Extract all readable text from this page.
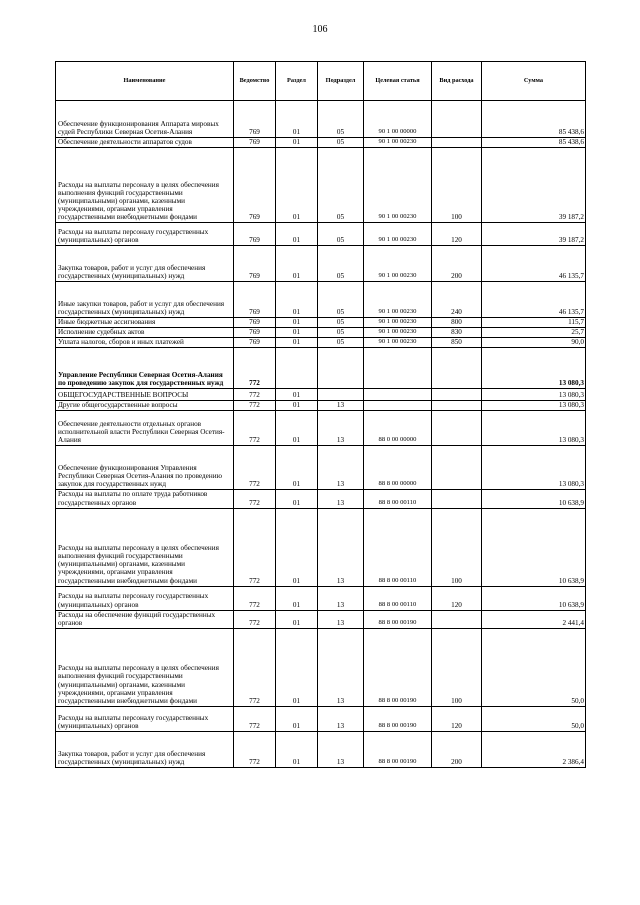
106
Наименование	Ведомство	Раздел	Подраздел	Целевая статья	Вид расхода	Сумма
Обеспечение функционирования Аппарата мировых судей Республики Северная Осетия-Алания	769	01	05	90 1 00 00000		85 438,6
Обеспечение деятельности аппаратов судов	769	01	05	90 1 00 00230		85 438,6
Расходы на выплаты персоналу в целях обеспечения выполнения функций государственными (муниципальными) органами, казенными учреждениями, органами управления государственными внебюджетными фондами	769	01	05	90 1 00 00230	100	39 187,2
Расходы на выплаты персоналу государственных (муниципальных) органов	769	01	05	90 1 00 00230	120	39 187,2
Закупка товаров, работ и услуг для обеспечения государственных (муниципальных) нужд	769	01	05	90 1 00 00230	200	46 135,7
Иные закупки товаров, работ и услуг для обеспечения государственных (муниципальных) нужд	769	01	05	90 1 00 00230	240	46 135,7
Иные бюджетные ассигнования	769	01	05	90 1 00 00230	800	115,7
Исполнение судебных актов	769	01	05	90 1 00 00230	830	25,7
Уплата налогов, сборов и иных платежей	769	01	05	90 1 00 00230	850	90,0
Управление Республики Северная Осетия-Алания по проведению закупок для государственных нужд	772					13 080,3
ОБЩЕГОСУДАРСТВЕННЫЕ ВОПРОСЫ	772	01				13 080,3
Другие общегосударственные вопросы	772	01	13			13 080,3
Обеспечение деятельности отдельных органов исполнительной власти Республики Северная Осетия-Алания	772	01	13	88 0 00 00000		13 080,3
Обеспечение функционирования Управления Республики Северная Осетия-Алания по проведению закупок для государственных нужд	772	01	13	88 8 00 00000		13 080,3
Расходы на выплаты по оплате труда работников государственных органов	772	01	13	88 8 00 00110		10 638,9
Расходы на выплаты персоналу в целях обеспечения выполнения функций государственными (муниципальными) органами, казенными учреждениями, органами управления государственными внебюджетными фондами	772	01	13	88 8 00 00110	100	10 638,9
Расходы на выплаты персоналу государственных (муниципальных) органов	772	01	13	88 8 00 00110	120	10 638,9
Расходы на обеспечение функций государственных органов	772	01	13	88 8 00 00190		2 441,4
Расходы на выплаты персоналу в целях обеспечения выполнения функций государственными (муниципальными) органами, казенными учреждениями, органами управления государственными внебюджетными фондами	772	01	13	88 8 00 00190	100	50,0
Расходы на выплаты персоналу государственных (муниципальных) органов	772	01	13	88 8 00 00190	120	50,0
Закупка товаров, работ и услуг для обеспечения государственных (муниципальных) нужд	772	01	13	88 8 00 00190	200	2 386,4
